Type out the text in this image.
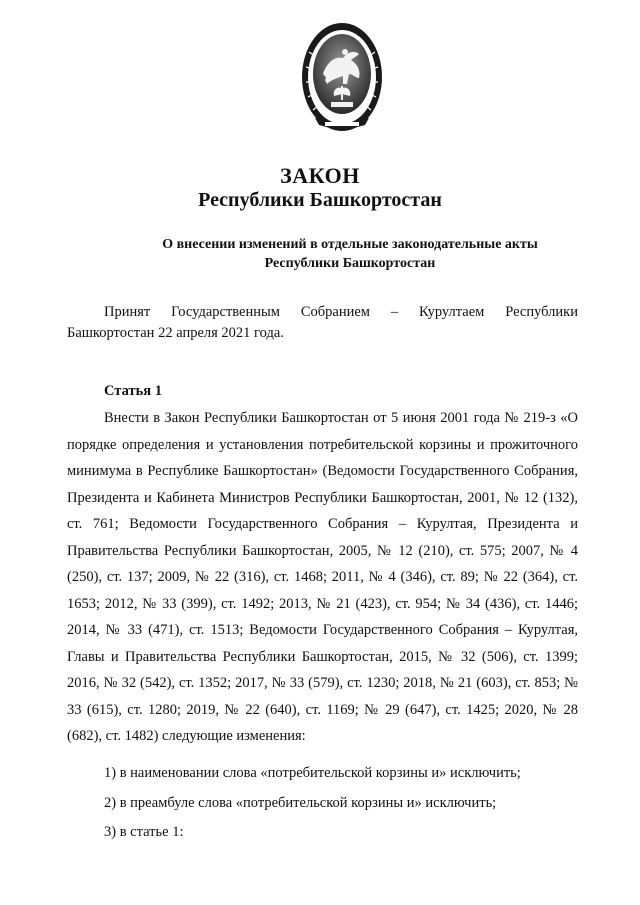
ЗАКОН
Республики Башкортостан
О внесении изменений в отдельные законодательные акты
Республики Башкортостан

Принят Государственным Собранием – Курултаем Республики Башкортостан 22 апреля 2021 года.

Статья 1

Внести в Закон Республики Башкортостан от 5 июня 2001 года № 219-з «О порядке определения и установления потребительской корзины и прожиточного минимума в Республике Башкортостан» (Ведомости Государственного Собрания, Президента и Кабинета Министров Республики Башкортостан, 2001, № 12 (132), ст. 761; Ведомости Государственного Собрания – Курултая, Президента и Правительства Республики Башкортостан, 2005, № 12 (210), ст. 575; 2007, № 4 (250), ст. 137; 2009, № 22 (316), ст. 1468; 2011, № 4 (346), ст. 89; № 22 (364), ст. 1653; 2012, № 33 (399), ст. 1492; 2013, № 21 (423), ст. 954; № 34 (436), ст. 1446; 2014, № 33 (471), ст. 1513; Ведомости Государственного Собрания – Курултая, Главы и Правительства Республики Башкортостан, 2015, № 32 (506), ст. 1399; 2016, № 32 (542), ст. 1352; 2017, № 33 (579), ст. 1230; 2018, № 21 (603), ст. 853; № 33 (615), ст. 1280; 2019, № 22 (640), ст. 1169; № 29 (647), ст. 1425; 2020, № 28 (682), ст. 1482) следующие изменения:

1) в наименовании слова «потребительской корзины и» исключить;
2) в преамбуле слова «потребительской корзины и» исключить;
3) в статье 1:
